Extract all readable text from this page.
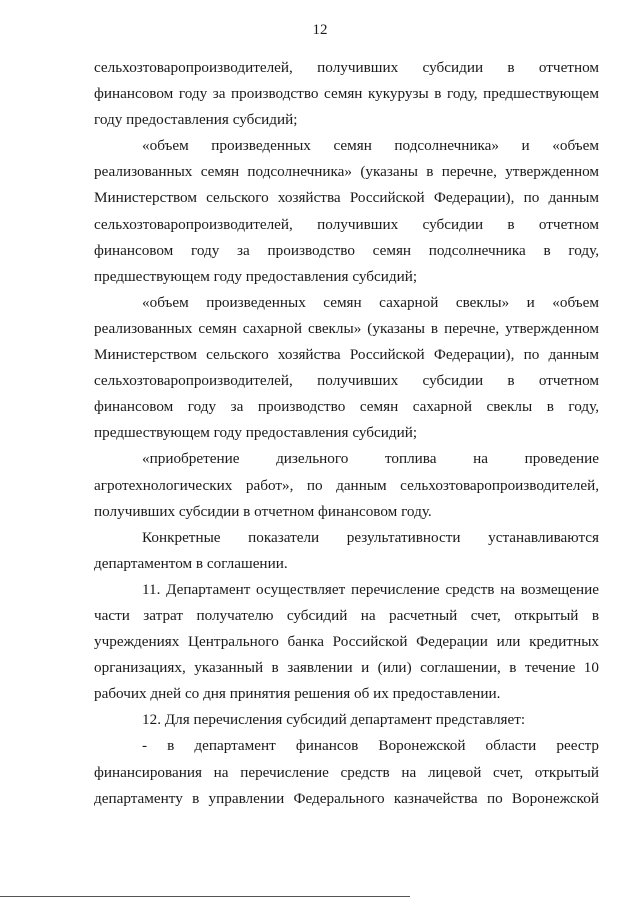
12

сельхозтоваропроизводителей, получивших субсидии в отчетном финансовом году за производство семян кукурузы в году, предшествующем году предоставления субсидий;

«объем произведенных семян подсолнечника» и «объем реализованных семян подсолнечника» (указаны в перечне, утвержденном Министерством сельского хозяйства Российской Федерации), по данным сельхозтоваропроизводителей, получивших субсидии в отчетном финансовом году за производство семян подсолнечника в году, предшествующем году предоставления субсидий;

«объем произведенных семян сахарной свеклы» и «объем реализованных семян сахарной свеклы» (указаны в перечне, утвержденном Министерством сельского хозяйства Российской Федерации), по данным сельхозтоваропроизводителей, получивших субсидии в отчетном финансовом году за производство семян сахарной свеклы в году, предшествующем году предоставления субсидий;

«приобретение дизельного топлива на проведение агротехнологических работ», по данным сельхозтоваропроизводителей, получивших субсидии в отчетном финансовом году.

Конкретные показатели результативности устанавливаются департаментом в соглашении.

11. Департамент осуществляет перечисление средств на возмещение части затрат получателю субсидий на расчетный счет, открытый в учреждениях Центрального банка Российской Федерации или кредитных организациях, указанный в заявлении и (или) соглашении, в течение 10 рабочих дней со дня принятия решения об их предоставлении.

12. Для перечисления субсидий департамент представляет:

- в департамент финансов Воронежской области реестр финансирования на перечисление средств на лицевой счет, открытый департаменту в управлении Федерального казначейства по Воронежской
